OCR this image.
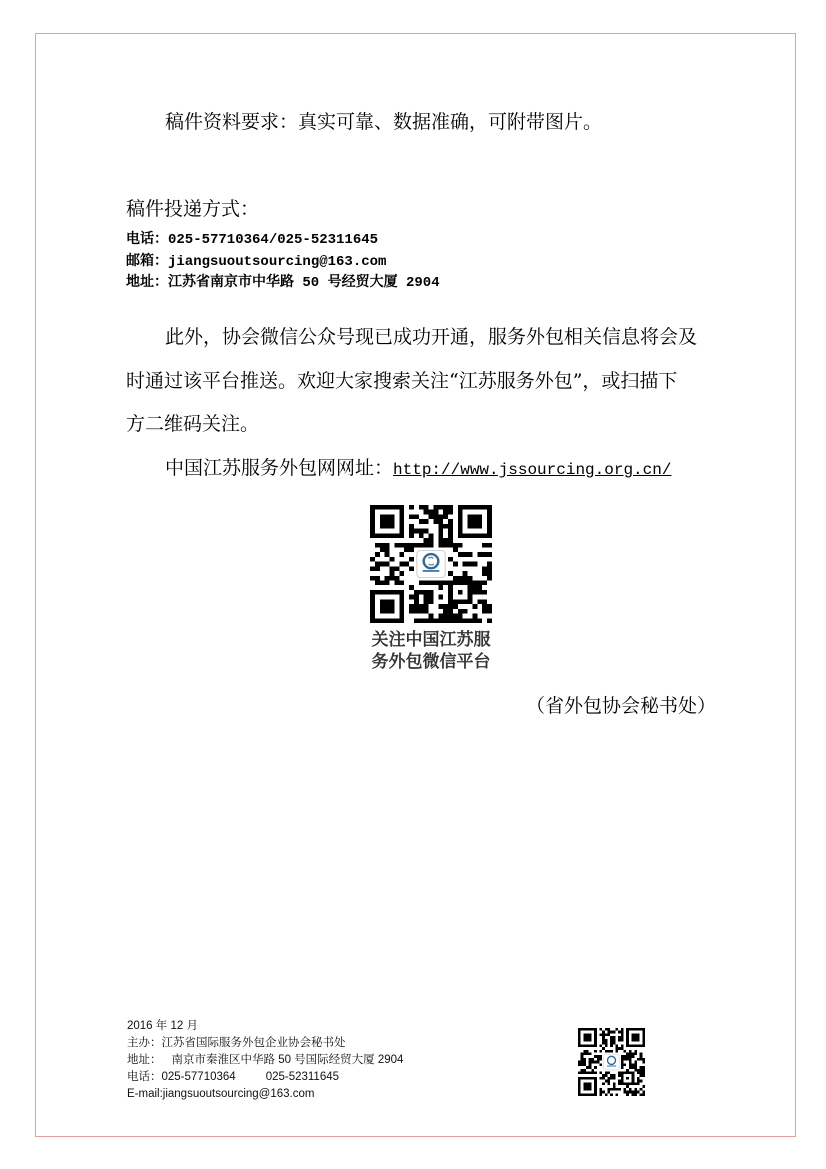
稿件资料要求：真实可靠、数据准确，可附带图片。
稿件投递方式：
电话：025-57710364/025-52311645
邮箱：jiangsuoutsourcing@163.com
地址：江苏省南京市中华路 50 号经贸大厦 2904
此外，协会微信公众号现已成功开通，服务外包相关信息将会及
时通过该平台推送。欢迎大家搜索关注“江苏服务外包”，或扫描下
方二维码关注。
中国江苏服务外包网网址：http://www.jssourcing.org.cn/
关注中国江苏服
务外包微信平台
（省外包协会秘书处）
2016 年 12 月
主办：江苏省国际服务外包企业协会秘书处
地址： 南京市秦淮区中华路 50 号国际经贸大厦 2904
电话：025-57710364	025-52311645
E-mail:jiangsuoutsourcing@163.com
